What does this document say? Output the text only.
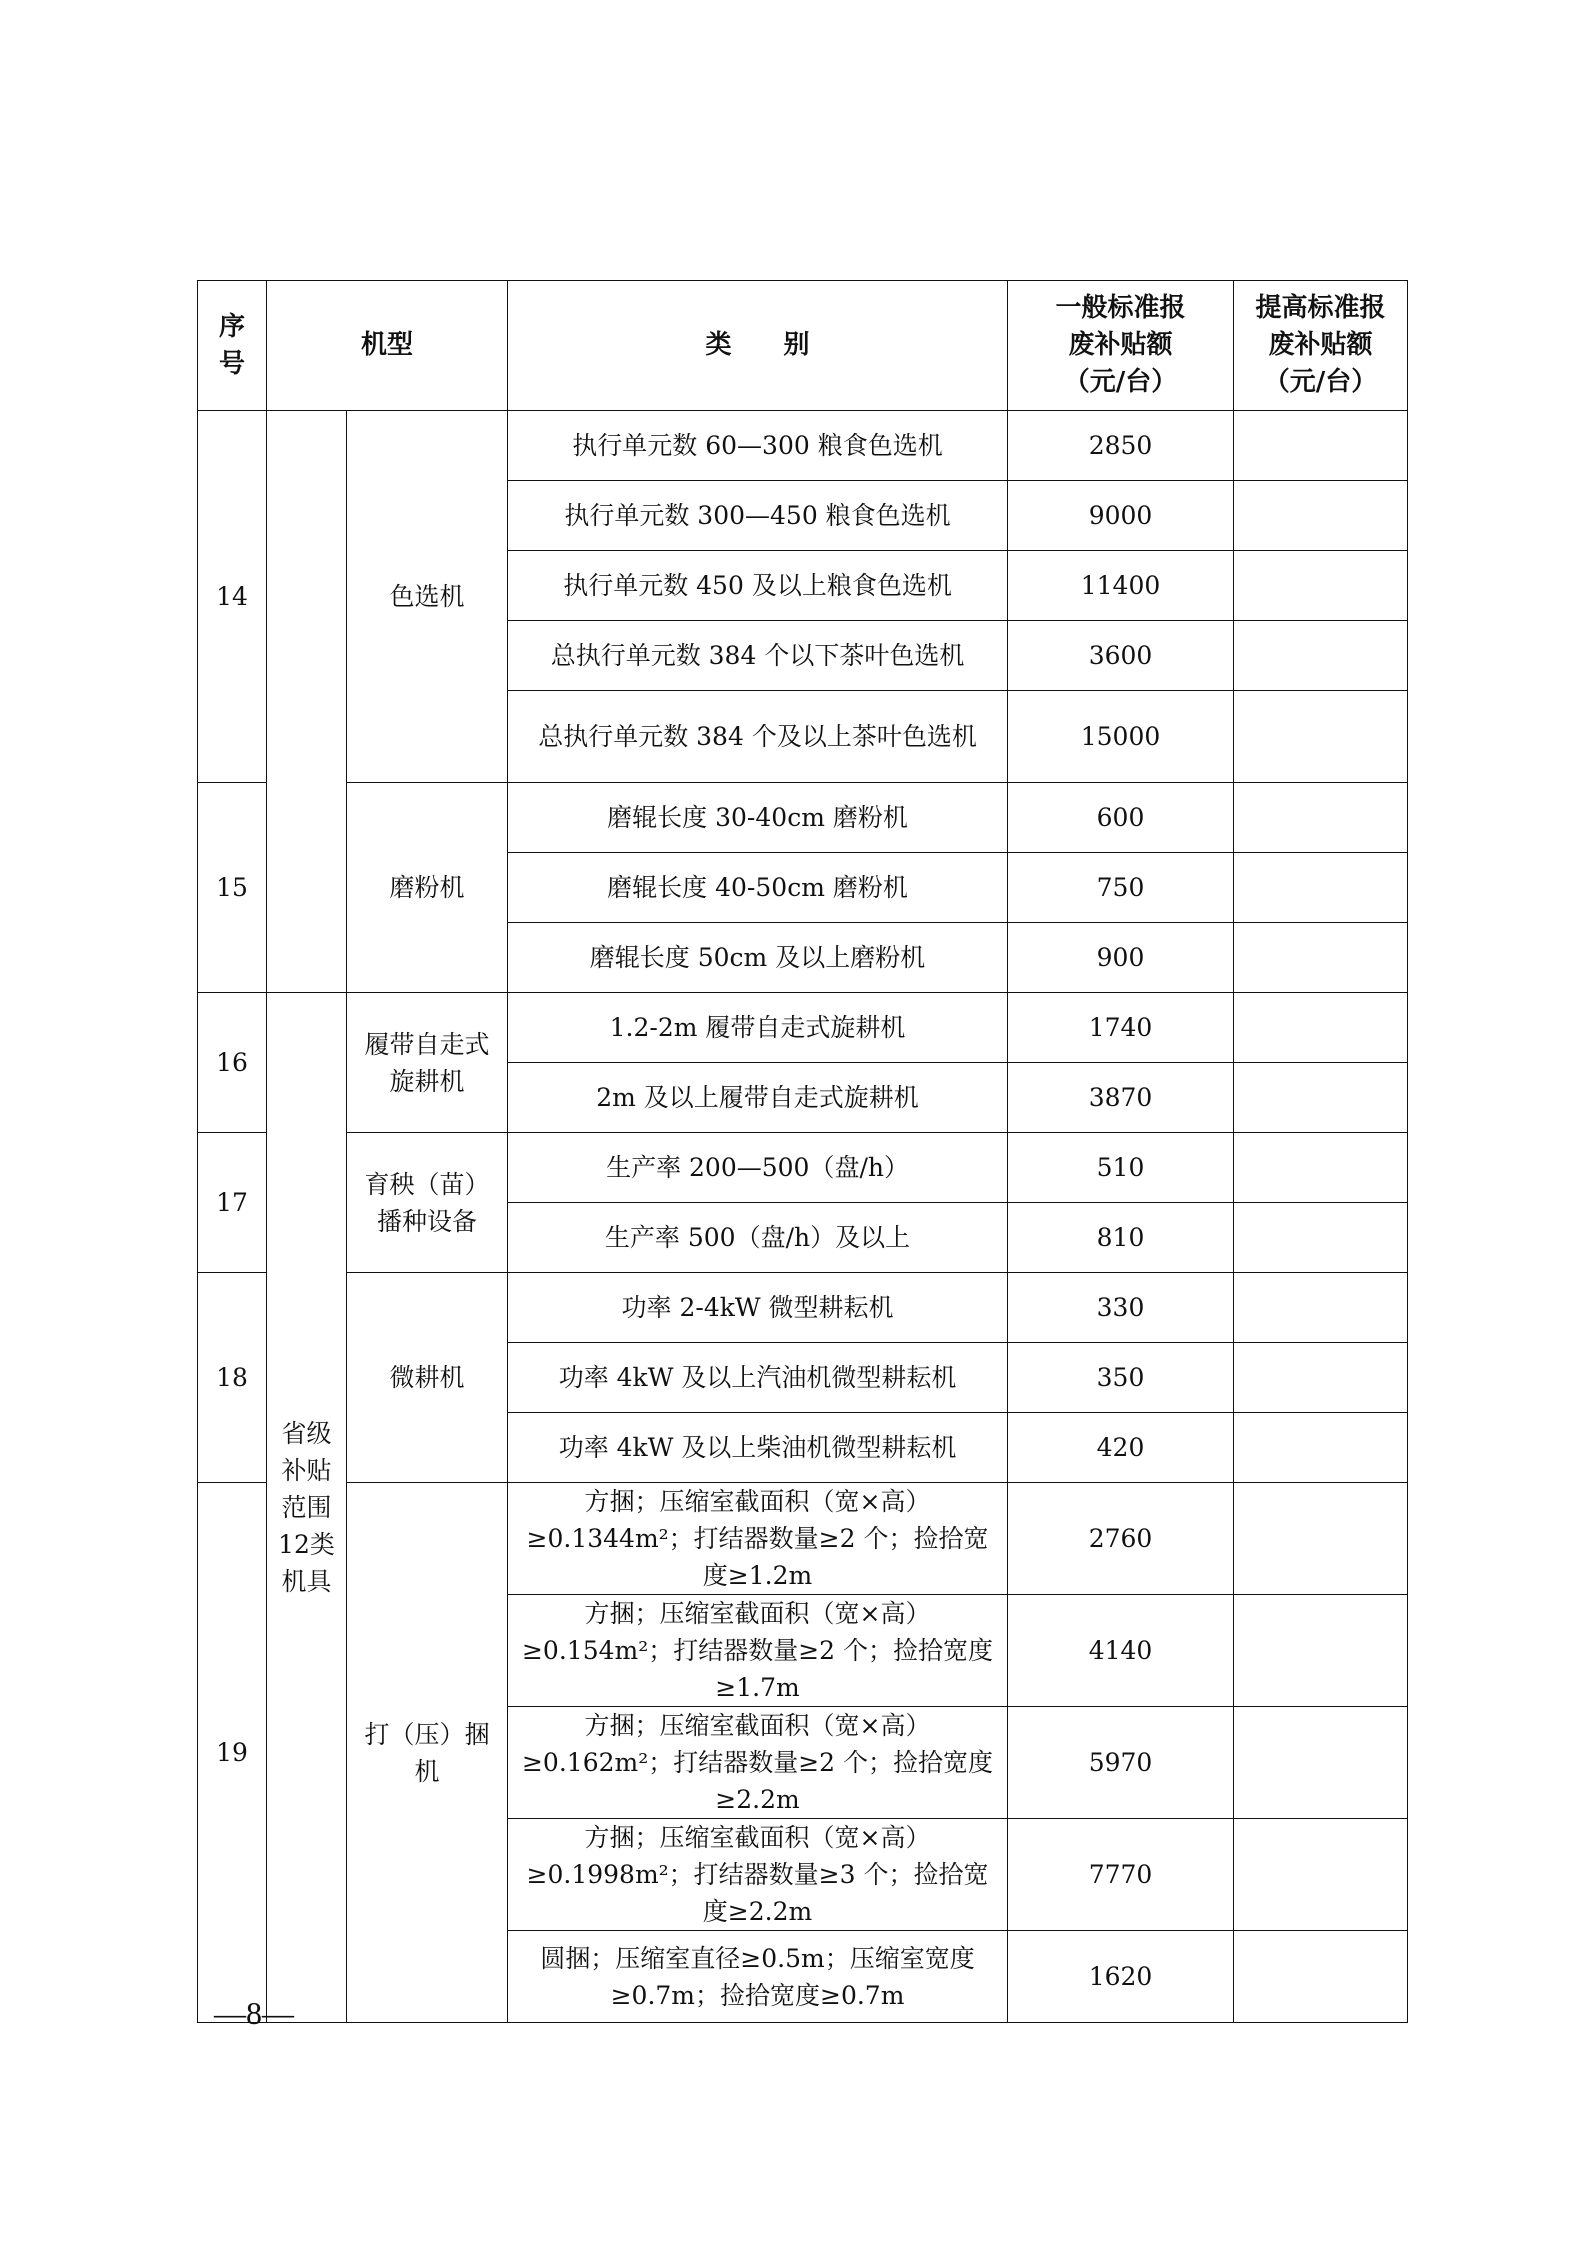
序号	机型		类　　别	一般标准报废补贴额（元/台）	提高标准报废补贴额（元/台）
14		色选机	执行单元数 60—300 粮食色选机	2850	
			执行单元数 300—450 粮食色选机	9000	
			执行单元数 450 及以上粮食色选机	11400	
			总执行单元数 384 个以下茶叶色选机	3600	
			总执行单元数 384 个及以上茶叶色选机	15000	
15		磨粉机	磨辊长度 30-40cm 磨粉机	600	
			磨辊长度 40-50cm 磨粉机	750	
			磨辊长度 50cm 及以上磨粉机	900	
16	省级补贴范围12类机具	履带自走式旋耕机	1.2-2m 履带自走式旋耕机	1740	
			2m 及以上履带自走式旋耕机	3870	
17		育秧（苗）播种设备	生产率 200—500（盘/h）	510	
			生产率 500（盘/h）及以上	810	
18		微耕机	功率 2-4kW 微型耕耘机	330	
			功率 4kW 及以上汽油机微型耕耘机	350	
			功率 4kW 及以上柴油机微型耕耘机	420	
19		打（压）捆机	方捆；压缩室截面积（宽×高）≥0.1344m²；打结器数量≥2 个；捡拾宽度≥1.2m	2760	
			方捆；压缩室截面积（宽×高）≥0.154m²；打结器数量≥2 个；捡拾宽度≥1.7m	4140	
			方捆；压缩室截面积（宽×高）≥0.162m²；打结器数量≥2 个；捡拾宽度≥2.2m	5970	
			方捆；压缩室截面积（宽×高）≥0.1998m²；打结器数量≥3 个；捡拾宽度≥2.2m	7770	
			圆捆；压缩室直径≥0.5m；压缩室宽度≥0.7m；捡拾宽度≥0.7m	1620	
—8—
